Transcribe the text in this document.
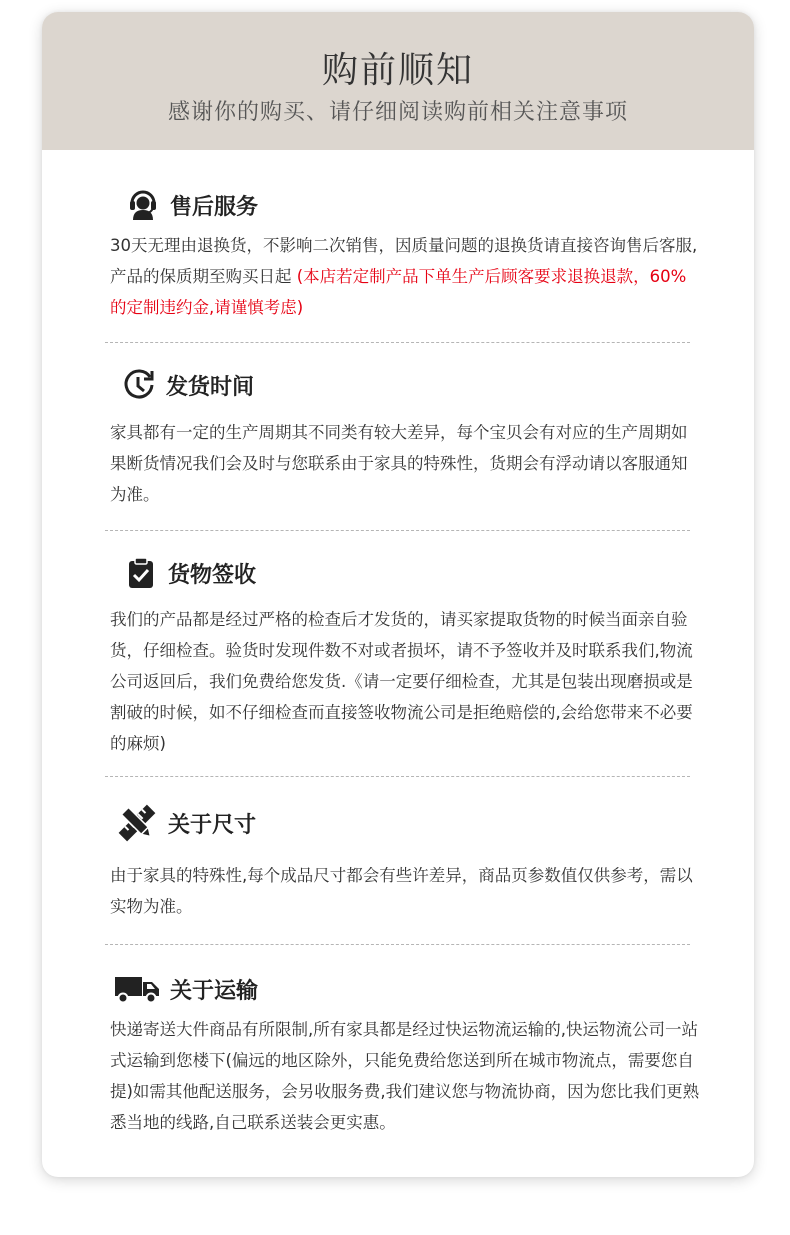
购前顺知
感谢你的购买、请仔细阅读购前相关注意事项
售后服务
30天无理由退换货，不影响二次销售，因质量问题的退换货请直接咨询售后客服,产品的保质期至购买日起 (本店若定制产品下单生产后顾客要求退换退款，60%的定制违约金,请谨慎考虑)
发货时间
家具都有一定的生产周期其不同类有较大差异，每个宝贝会有对应的生产周期如果断货情况我们会及时与您联系由于家具的特殊性，货期会有浮动请以客服通知为准。
货物签收
我们的产品都是经过严格的检查后才发货的，请买家提取货物的时候当面亲自验货，仔细检查。验货时发现件数不对或者损坏，请不予签收并及时联系我们,物流公司返回后，我们免费给您发货.《请一定要仔细检查，尤其是包装出现磨损或是割破的时候，如不仔细检查而直接签收物流公司是拒绝赔偿的,会给您带来不必要的麻烦)
关于尺寸
由于家具的特殊性,每个成品尺寸都会有些许差异，商品页参数值仅供参考，需以实物为准。
关于运输
快递寄送大件商品有所限制,所有家具都是经过快运物流运输的,快运物流公司一站式运输到您楼下(偏远的地区除外，只能免费给您送到所在城市物流点，需要您自提)如需其他配送服务，会另收服务费,我们建议您与物流协商，因为您比我们更熟悉当地的线路,自己联系送装会更实惠。
